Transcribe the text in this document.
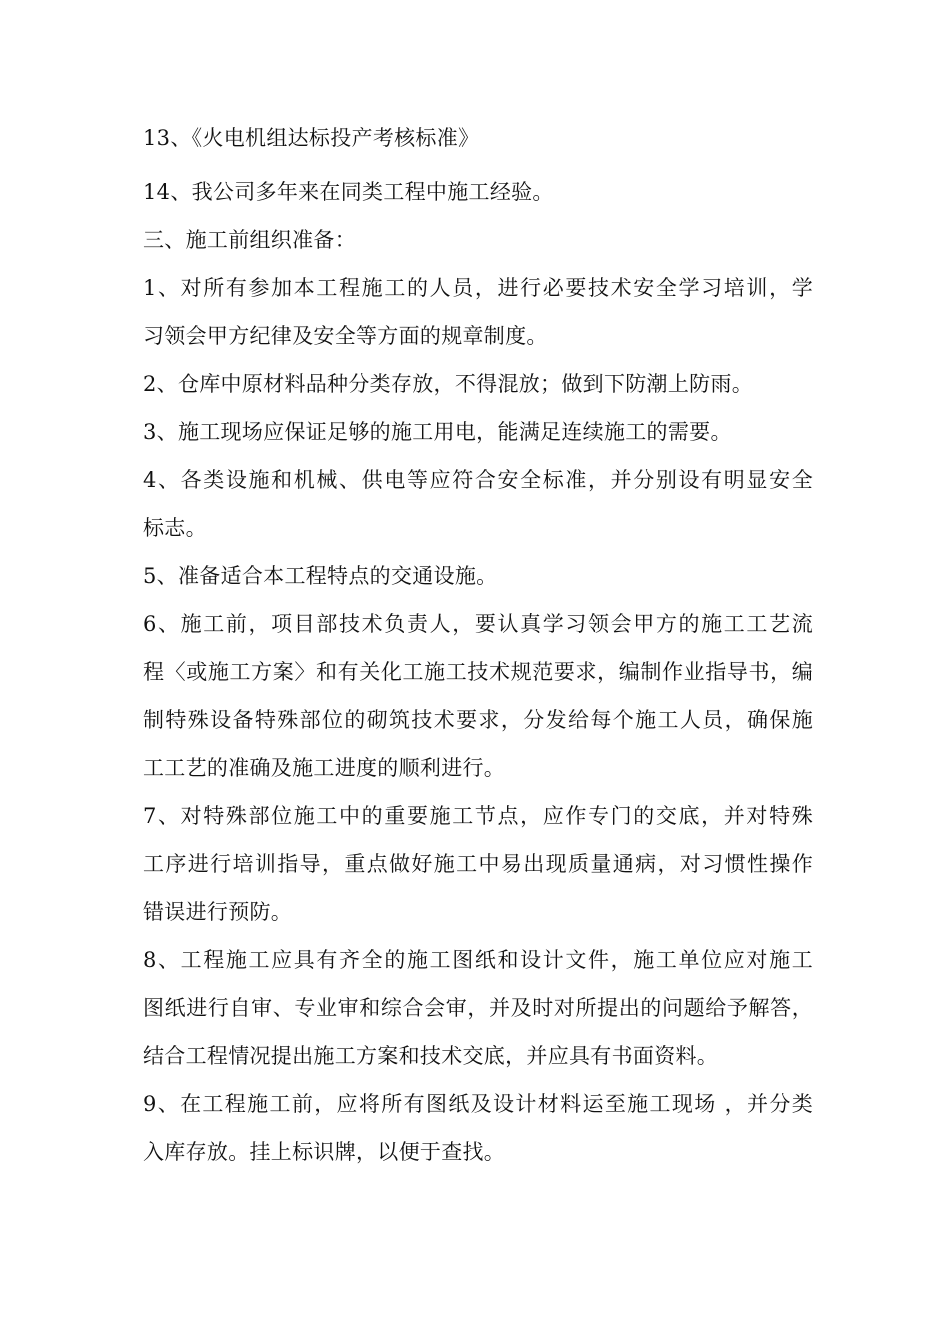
13、《火电机组达标投产考核标准》
14、我公司多年来在同类工程中施工经验。
三、施工前组织准备：
1、对所有参加本工程施工的人员，进行必要技术安全学习培训，学
习领会甲方纪律及安全等方面的规章制度。
2、仓库中原材料品种分类存放，不得混放；做到下防潮上防雨。
3、施工现场应保证足够的施工用电，能满足连续施工的需要。
4、各类设施和机械、供电等应符合安全标准，并分别设有明显安全
标志。
5、准备适合本工程特点的交通设施。
6、施工前，项目部技术负责人，要认真学习领会甲方的施工工艺流
程〈或施工方案〉和有关化工施工技术规范要求，编制作业指导书，编
制特殊设备特殊部位的砌筑技术要求，分发给每个施工人员，确保施
工工艺的准确及施工进度的顺利进行。
7、对特殊部位施工中的重要施工节点，应作专门的交底，并对特殊
工序进行培训指导，重点做好施工中易出现质量通病，对习惯性操作
错误进行预防。
8、工程施工应具有齐全的施工图纸和设计文件，施工单位应对施工
图纸进行自审、专业审和综合会审，并及时对所提出的问题给予解答，
结合工程情况提出施工方案和技术交底，并应具有书面资料。
9、在工程施工前，应将所有图纸及设计材料运至施工现场 ，并分类
入库存放。挂上标识牌，以便于查找。
